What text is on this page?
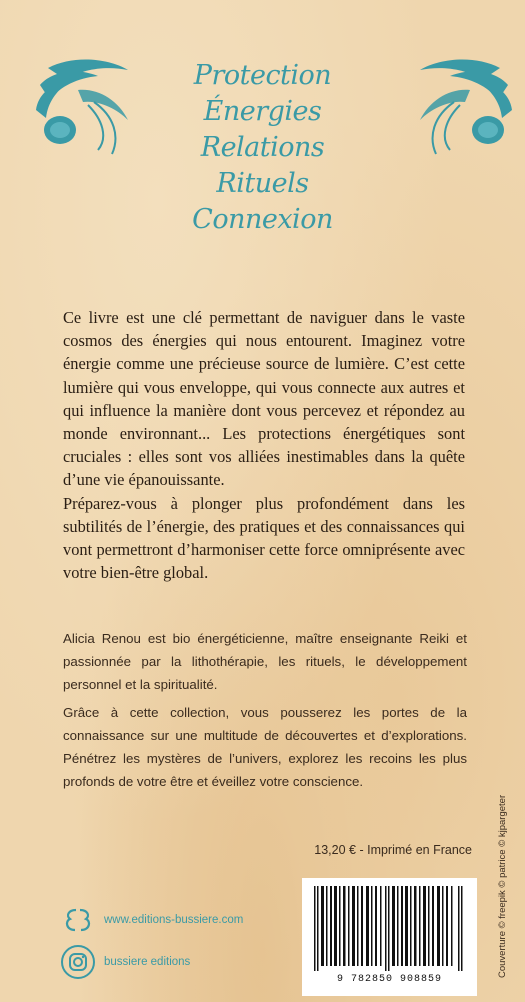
Protection
Énergies
Relations
Rituels
Connexion

Ce livre est une clé permettant de naviguer dans le vaste cosmos des énergies qui nous entourent. Imaginez votre énergie comme une précieuse source de lumière. C’est cette lumière qui vous enveloppe, qui vous connecte aux autres et qui influence la manière dont vous percevez et répondez au monde environnant... Les protections énergétiques sont cruciales : elles sont vos alliées inestimables dans la quête d’une vie épanouissante.

Préparez-vous à plonger plus profondément dans les subtilités de l’énergie, des pratiques et des connaissances qui vont permettront d’harmoniser cette force omniprésente avec votre bien-être global.

Alicia Renou est bio énergéticienne, maître enseignante Reiki et passionnée par la lithothérapie, les rituels, le développement personnel et la spiritualité.

Grâce à cette collection, vous pousserez les portes de la connaissance sur une multitude de découvertes et d’explorations. Pénétrez les mystères de l’univers, explorez les recoins les plus profonds de votre être et éveillez votre conscience.

13,20 € - Imprimé en France	Couverture © freepik © patrice © kjpargeter
9 782850 908859
www.editions-bussiere.com
bussiere editions
